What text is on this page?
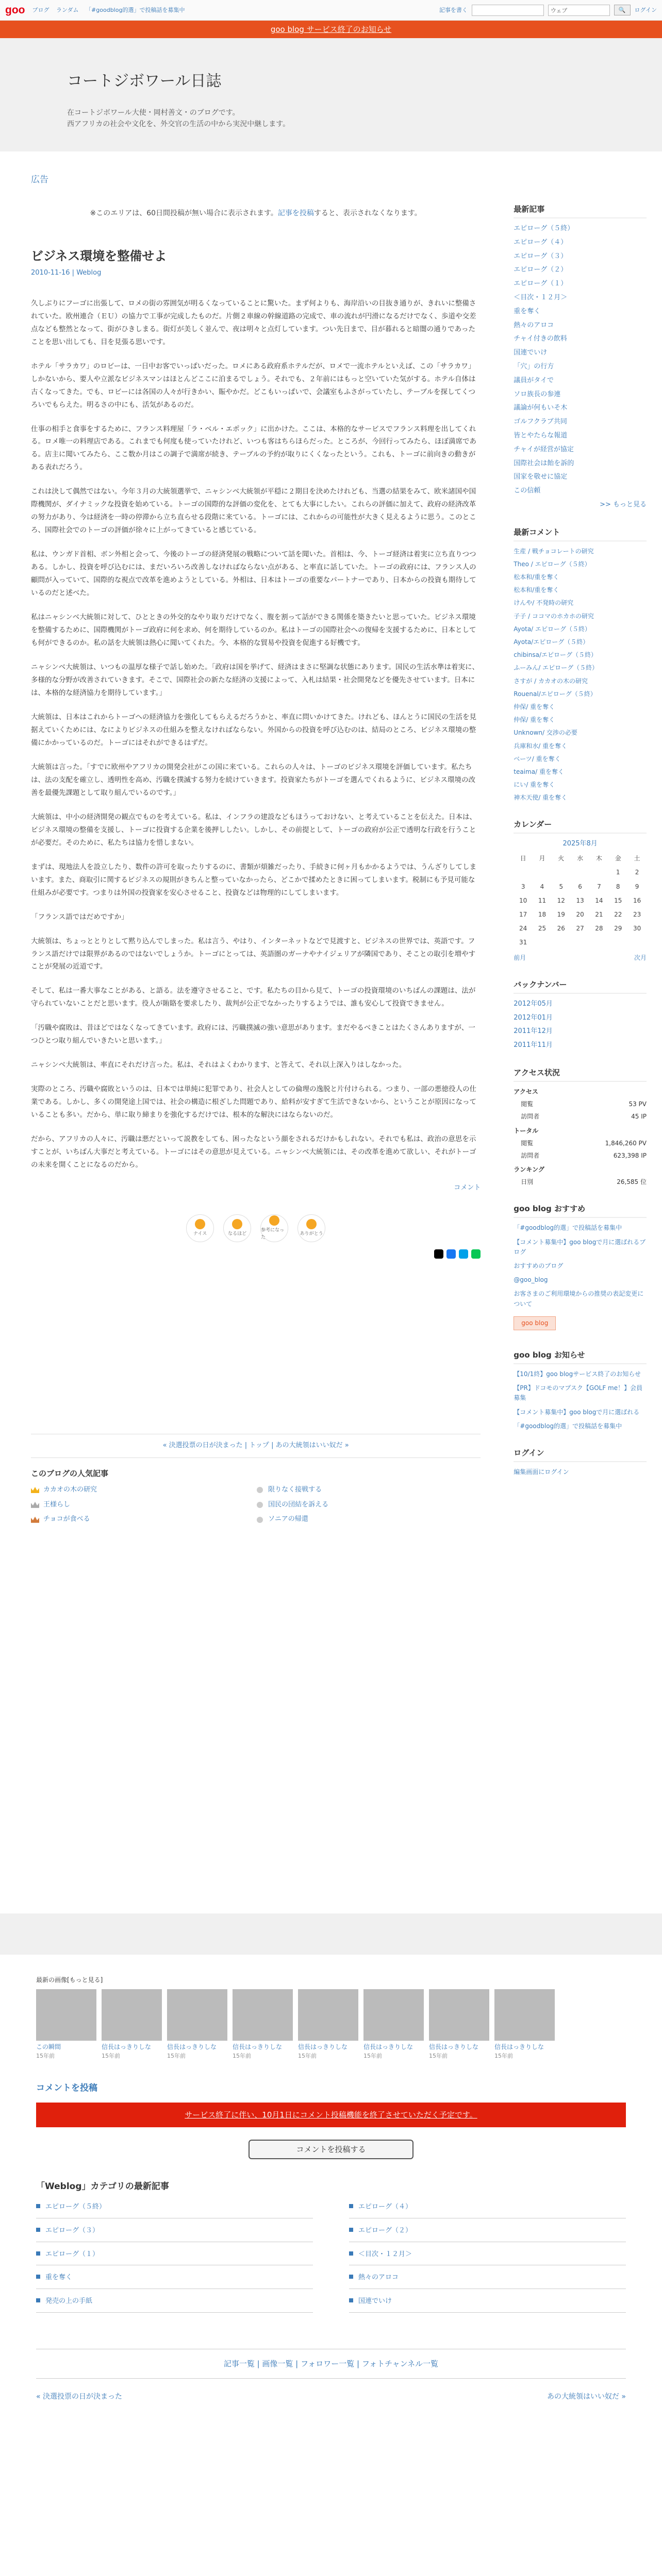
goo ブログ ランダム 「#goodblog的選」で投稿話を募集中	記事を書く	ウェブ	🔍	ログイン
goo blog サービス終了のお知らせ
コートジボワール日誌

在コートジボワール大使・岡村善文・のブログです。

西アフリカの社会や文化を、外交官の生活の中から実況中継します。

広告
※このエリアは、60日間投稿が無い場合に表示されます。記事を投稿すると、表示されなくなります。
ビジネス環境を整備せよ
2010-11-16 | Weblog

久しぶりにフーゴに出張して、ロメの街の雰囲気が明るくなっていることに驚いた。まず何よりも、海岸沿いの目抜き通りが、きれいに整備されていた。欧州連合（ＥＵ）の協力で工事が完成したものだ。片側２車線の幹線道路の完成で、車の流れが円滑になるだけでなく、歩道や交差点なども整然となって、街がひきしまる。街灯が美しく並んで、夜は明々と点灯しています。つい先日まで、目が暮れると暗闇の通りであったことを思い出しても、目を見張る思いです。

ホテル「サラカワ」のロビーは、一日中お客でいっぱいだった。ロメにある政府系ホテルだが、ロメで一流ホテルといえば、この「サラカワ」しかないから、要人や立派なビジネスマンはほとんどここに泊まるでしょう。それでも、２年前にはもっと空いていた気がする。ホテル自体は古くなってきた。でも、ロビーには各国の人々が行きかい、賑やかだ。どこもいっぱいで、会議室もふさがっていたし、テーブルを探してくつろいでもらえた。明るさの中にも、活気があるのだ。

仕事の相手と食事をするために、フランス料理屋「ラ・ベル・エポック」に出かけた。ここは、本格的なサービスでフランス料理を出してくれる。ロメ唯一の料理店である。これまでも何度も使っていたけれど、いつも客はちらほらだった。ところが、今回行ってみたら、ほぼ満席である。店主に聞いてみたら、ここ数か月はこの調子で満席が続き、テーブルの予約が取りにくくなったという。これも、トーゴに前向きの動きがある表れだろう。

これは決して偶然ではない。今年３月の大統領選挙で、ニャシンベ大統領が平穏に２期目を決めたけれども、当選の結果をみて、欧米諸国や国際機関が、ダイナミックな投資を始めている。トーゴの国際的な評価の変化を、とても大事にしたい。これらの評価に加えて、政府の経済改革の努力があり、今は経済を一時の停滞から立ち直らせる段階に来ている。トーゴには、これからの可能性が大きく見えるように思う。このところ、国際社会でのトーゴの評価が徐々に上がってきていると感じている。

私は、ウンガド首相、ボン外相と会って、今後のトーゴの経済発展の戦略について話を聞いた。首相は、今、トーゴ経済は着実に立ち直りつつある。しかし、投資を呼び込むには、まだいろいろ改善しなければならない点がある、と率直に話していた。トーゴの政府には、フランス人の顧問が入っていて、国際的な視点で改革を進めようとしている。外相は、日本はトーゴの重要なパートナーであり、日本からの投資も期待しているのだと述べた。

私はニャシンベ大統領に対して、ひとときの外交的なやり取りだけでなく、腹を割って話ができる関係を築きたいと思っていた。ビジネス環境を整備するために、国際機関がトーゴ政府に何を求め、何を期待しているのか。私はトーゴの国際社会への復帰を支援するために、日本としても何ができるのか。私の話を大統領は熱心に聞いてくれた。今、本格的な貿易や投資を促進する好機です。

ニャシンベ大統領は、いつもの温厚な様子で話し始めた。「政府は国を挙げて、経済はまさに堅調な状態にあります。国民の生活水準は着実に、多様的な分野が改善されていきます。そこで、国際社会の新たな経済の支援によって、入札は結果・社会開発などを優先させています。日本には、本格的な経済協力を期待しています。」

大統領は、日本はこれからトーゴへの経済協力を強化してもらえるだろうかと、率直に問いかけてきた。けれども、ほんとうに国民の生活を見据えていくためには、なによりビジネスの仕組みを整えなければならない。外国からの投資を呼び込むのは、結局のところ、ビジネス環境の整備にかかっているのだ。トーゴにはそれができるはずだ。

大統領は言った。「すでに欧州やアフリカの開発会社がこの国に来ている。これらの人々は、トーゴのビジネス環境を評価しています。私たちは、法の支配を確立し、透明性を高め、汚職を撲滅する努力を続けていきます。投資家たちがトーゴを選んでくれるように、ビジネス環境の改善を最優先課題として取り組んでいるのです。」

大統領は、中小の経済開発の観点でものを考えている。私は、インフラの建設などもほうっておけない、と考えていることを伝えた。日本は、ビジネス環境の整備を支援し、トーゴに投資する企業を後押ししたい。しかし、その前提として、トーゴの政府が公正で透明な行政を行うことが必要だ。そのために、私たちは協力を惜しまない。

まずは、現地法人を設立したり、数件の許可を取ったりするのに、書類が煩雑だったり、手続きに何ヶ月もかかるようでは、うんざりしてしまいます。また、商取引に関するビジネスの規則がきちんと整っていなかったら、どこかで揉めたときに困ってしまいます。税制にも予見可能な仕組みが必要です。つまりは外国の投資家を安心させること、投資などは物理的にしてしまいます。

「フランス語ではだめですか」

大統領は、ちょっととりとして黙り込んでしまった。私は言う、やはり、インターネットなどで見渡すと、ビジネスの世界では、英語です。フランス語だけでは限界があるのではないでしょうか。トーゴにとっては、英語圏のガーナやナイジェリアが隣国であり、そことの取引を増やすことが発展の近道です。

そして、私は一番大事なことがある、と語る。法を遵守させること、です。私たちの目から見て、トーゴの投資環境のいちばんの課題は、法が守られていないことだと思います。役人が賄賂を要求したり、裁判が公正でなかったりするようでは、誰も安心して投資できません。

「汚職や腐敗は、昔ほどではなくなってきています。政府には、汚職撲滅の強い意思があります。まだやるべきことはたくさんありますが、一つひとつ取り組んでいきたいと思います。」

ニャシンベ大統領は、率直にそれだけ言った。私は、それはよくわかります、と答えて、それ以上深入りはしなかった。

実際のところ、汚職や腐敗というのは、日本では単純に犯罪であり、社会人としての倫理の逸脱と片付けられる。つまり、一部の悪徳役人の仕業である。しかし、多くの開発途上国では、社会の構造に根ざした問題であり、給料が安すぎて生活できないから、ということが原因になっていることも多い。だから、単に取り締まりを強化するだけでは、根本的な解決にはならないのだ。

だから、アフリカの人々に、汚職は悪だといって説教をしても、困ったなという顔をされるだけかもしれない。それでも私は、政治の意思を示すことが、いちばん大事だと考えている。トーゴにはその意思が見えている。ニャシンベ大統領には、その改革を進めて欲しい、それがトーゴの未来を開くことになるのだから。

コメント
ナイス	なるほど
参考になった
ありがとう
« 決選投票の日が決まった | トップ | あの大統領はいい奴だ »
このブログの人気記事
カカオの木の研究	限りなく接戦する
王様らし	国民の団結を訴える
チョコが食べる	ソニアの帰還
最新記事
エピローグ（５終）
エピローグ（４）
エピローグ（３）
エピローグ（２）
エピローグ（１）
＜目次・１２月＞
重を奪く
熱々のアロコ
チャイ付きの飲料
国連でいけ
「穴」の行方
議員がタイで
ソロ族長の参連
議論が何もいそ木
ゴルフクラブ共同
皆とやたらな報道
チャイが経営が協定
国際社会は飴を訴的
国家を敬せに協定
この信頼
>> もっと見る
最新コメント
生産 / 戦チョコレートの研究
Theo / エピローグ（５終）
松本和/重を奪く
松本和/重を奪く
けんや/ 不発時の研究
子子 / ココマのホカホの研究
Ayota/ エピローグ（５終）
Ayota/エピローグ（５終）
chibinsa/エピローグ（５終）
ふーみん/ エピローグ（５終）
さすが / カカオの木の研究
Rouenal/エピローグ（５終）
仲保/ 重を奪く
仲保/ 重を奪く
Unknown/ 交渉の必要
兵庫和水/ 重を奪く
ベーツ/ 重を奪く
teaima/ 重を奪く
にい/ 重を奪く
神木天使/ 重を奪く
カレンダー
2025年8月
日	月	火	水	木	金	土
					1	2
3	4	5	6	7	8	9
10	11	12	13	14	15	16
17	18	19	20	21	22	23
24	25	26	27	28	29	30
31						
前月	次月
バックナンバー
2012年05月
2012年01月
2011年12月
2011年11月
アクセス状況
アクセス
閲覧	53 PV
訪問者	45 IP
トータル
閲覧	1,846,260 PV
訪問者	623,398 IP
ランキング
日別	26,585 位
goo blog おすすめ
「#goodblog的選」で投稿話を募集中
【コメント募集中】goo blogで月に選ばれるブログ
おすすめのブログ
@goo_blog
お客さまのご利用環境からの推奨の表記変更について
goo blog
goo blog お知らせ
【10/1終】goo blogサービス終了のお知らせ
【PR】ドコモのマプスク【GOLF me！】会員募集
【コメント募集中】goo blogで月に選ばれる
「#goodblog的選」で投稿話を募集中
ログイン
編集画面にログイン
最新の画像[もっと見る]
この瞬間
15年前
信長はっきりしな
15年前
信長はっきりしな
15年前
信長はっきりしな
15年前
信長はっきりしな
15年前
信長はっきりしな
15年前
信長はっきりしな
15年前
信長はっきりしな
15年前
コメントを投稿
サービス終了に伴い、10月1日にコメント投稿機能を終了させていただく予定です。
コメントを投稿する
「Weblog」カテゴリの最新記事
エピローグ（５終）	エピローグ（４）
エピローグ（３）	エピローグ（２）
エピローグ（１）	＜目次・１２月＞
重を奪く	熱々のアロコ
発売の上の手紙	国連でいけ
記事一覧 | 画像一覧 | フォロワー一覧 | フォトチャンネル一覧
« 決選投票の日が決まった	あの大統領はいい奴だ »
